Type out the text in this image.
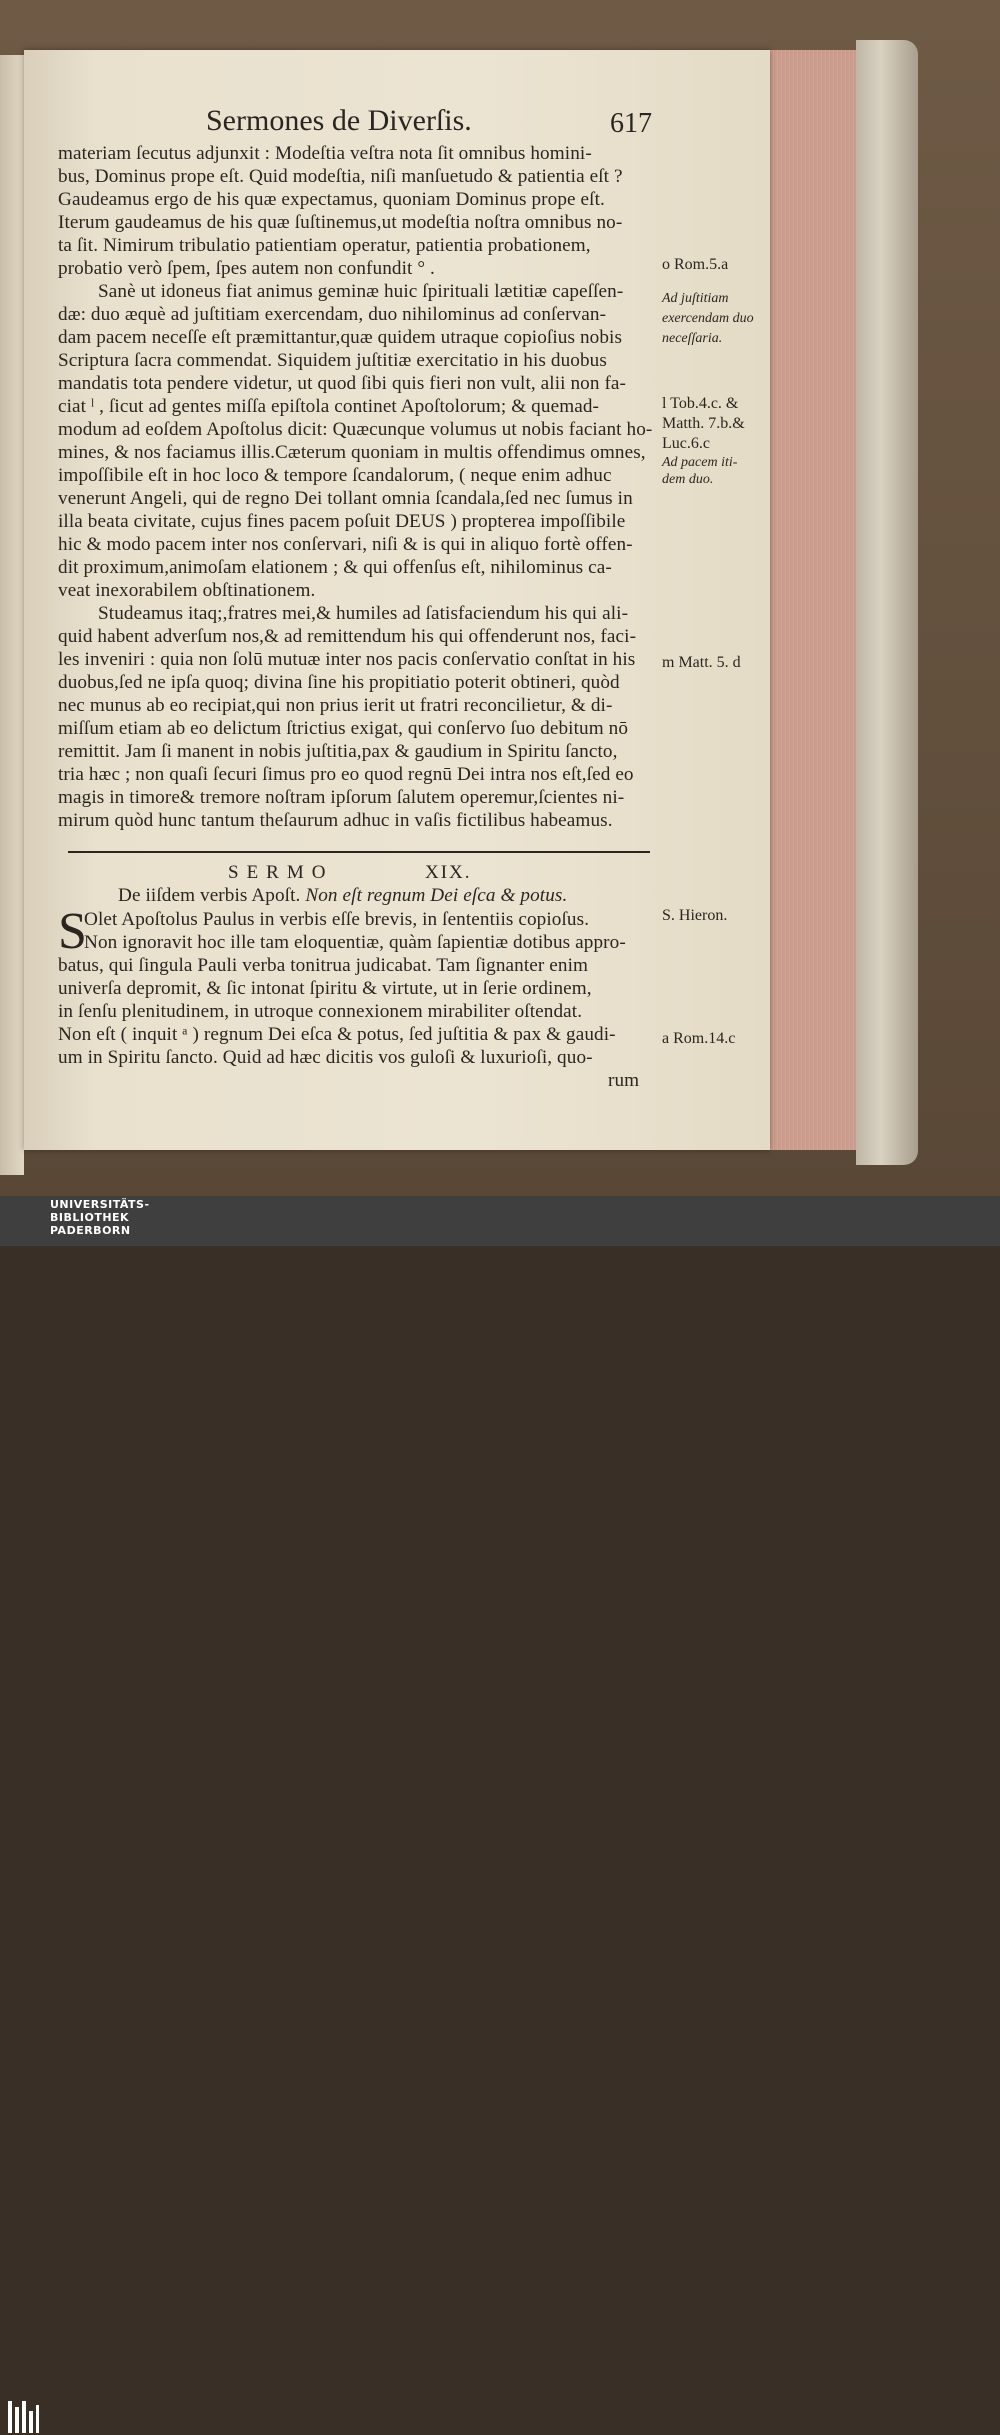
Sermones de Diverſis.	617
materiam ſecutus adjunxit : Modeſtia veſtra nota ſit omnibus homini-
bus, Dominus prope eſt. Quid modeſtia, niſi manſuetudo & patientia eſt ?
Gaudeamus ergo de his quæ expectamus, quoniam Dominus prope eſt.
Iterum gaudeamus de his quæ ſuſtinemus,ut modeſtia noſtra omnibus no-
ta ſit. Nimirum tribulatio patientiam operatur, patientia probationem,
probatio verò ſpem, ſpes autem non confundit ° .
Sanè ut idoneus fiat animus geminæ huic ſpirituali lætitiæ capeſſen-
dæ: duo æquè ad juſtitiam exercendam, duo nihilominus ad conſervan-
dam pacem neceſſe eſt præmittantur,quæ quidem utraque copioſius nobis
Scriptura ſacra commendat. Siquidem juſtitiæ exercitatio in his duobus
mandatis tota pendere videtur, ut quod ſibi quis fieri non vult, alii non fa-
ciat ˡ , ſicut ad gentes miſſa epiſtola continet Apoſtolorum; & quemad-
modum ad eoſdem Apoſtolus dicit: Quæcunque volumus ut nobis faciant ho-
mines, & nos faciamus illis.Cæterum quoniam in multis offendimus omnes,
impoſſibile eſt in hoc loco & tempore ſcandalorum, ( neque enim adhuc
venerunt Angeli, qui de regno Dei tollant omnia ſcandala,ſed nec ſumus in
illa beata civitate, cujus fines pacem poſuit DEUS ) propterea impoſſibile
hic & modo pacem inter nos conſervari, niſi & is qui in aliquo fortè offen-
dit proximum,animoſam elationem ; & qui offenſus eſt, nihilominus ca-
veat inexorabilem obſtinationem.
Studeamus itaq;,fratres mei,& humiles ad ſatisfaciendum his qui ali-
quid habent adverſum nos,& ad remittendum his qui offenderunt nos, faci-
les inveniri : quia non ſolū mutuæ inter nos pacis conſervatio conſtat in his
duobus,ſed ne ipſa quoq; divina ſine his propitiatio poterit obtineri, quòd
nec munus ab eo recipiat,qui non prius ierit ut fratri reconcilietur, & di-
miſſum etiam ab eo delictum ſtrictius exigat, qui conſervo ſuo debitum nō
remittit. Jam ſi manent in nobis juſtitia,pax & gaudium in Spiritu ſancto,
tria hæc ; non quaſi ſecuri ſimus pro eo quod regnū Dei intra nos eſt,ſed eo
magis in timore& tremore noſtram ipſorum ſalutem operemur,ſcientes ni-
mirum quòd hunc tantum theſaurum adhuc in vaſis fictilibus habeamus.
SERMO	XIX.
De iiſdem verbis Apoſt. Non eſt regnum Dei eſca & potus.
S
Olet Apoſtolus Paulus in verbis eſſe brevis, in ſententiis copioſus.
Non ignoravit hoc ille tam eloquentiæ, quàm ſapientiæ dotibus appro-
batus, qui ſingula Pauli verba tonitrua judicabat. Tam ſignanter enim
univerſa depromit, & ſic intonat ſpiritu & virtute, ut in ſerie ordinem,
in ſenſu plenitudinem, in utroque connexionem mirabiliter oſtendat.
Non eſt ( inquit ᵃ ) regnum Dei eſca & potus, ſed juſtitia & pax & gaudi-
um in Spiritu ſancto. Quid ad hæc dicitis vos guloſi & luxurioſi, quo-
rum
o Rom.5.a
Ad juſtitiam
exercendam duo
neceſſaria.
l Tob.4.c. &
Matth. 7.b.&
Luc.6.c
Ad pacem iti-
dem duo.
m Matt. 5. d
S. Hieron.
a Rom.14.c
UNIVERSITÄTS-
BIBLIOTHEK
PADERBORN
